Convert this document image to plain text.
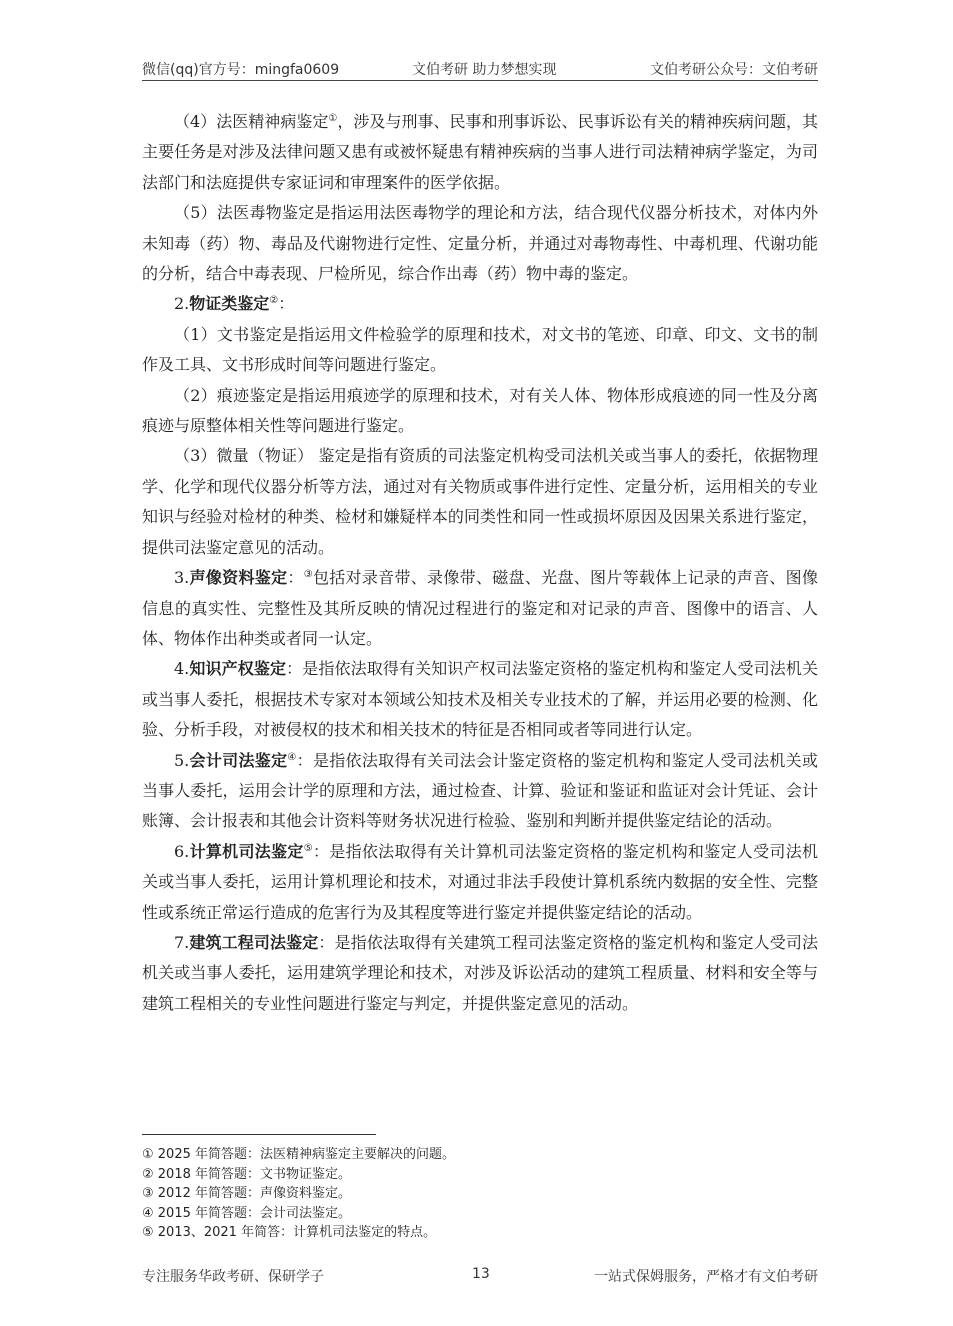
微信(qq)官方号：mingfa0609	文伯考研 助力梦想实现	文伯考研公众号：文伯考研

（4）法医精神病鉴定①，涉及与刑事、民事和刑事诉讼、民事诉讼有关的精神疾病问题，其主要任务是对涉及法律问题又患有或被怀疑患有精神疾病的当事人进行司法精神病学鉴定，为司法部门和法庭提供专家证词和审理案件的医学依据。

（5）法医毒物鉴定是指运用法医毒物学的理论和方法，结合现代仪器分析技术，对体内外未知毒（药）物、毒品及代谢物进行定性、定量分析，并通过对毒物毒性、中毒机理、代谢功能的分析，结合中毒表现、尸检所见，综合作出毒（药）物中毒的鉴定。

2.物证类鉴定②：

（1）文书鉴定是指运用文件检验学的原理和技术，对文书的笔迹、印章、印文、文书的制作及工具、文书形成时间等问题进行鉴定。

（2）痕迹鉴定是指运用痕迹学的原理和技术，对有关人体、物体形成痕迹的同一性及分离痕迹与原整体相关性等问题进行鉴定。

（3）微量（物证） 鉴定是指有资质的司法鉴定机构受司法机关或当事人的委托，依据物理学、化学和现代仪器分析等方法，通过对有关物质或事件进行定性、定量分析，运用相关的专业知识与经验对检材的种类、检材和嫌疑样本的同类性和同一性或损坏原因及因果关系进行鉴定，提供司法鉴定意见的活动。

3.声像资料鉴定：③包括对录音带、录像带、磁盘、光盘、图片等载体上记录的声音、图像信息的真实性、完整性及其所反映的情况过程进行的鉴定和对记录的声音、图像中的语言、人体、物体作出种类或者同一认定。

4.知识产权鉴定：是指依法取得有关知识产权司法鉴定资格的鉴定机构和鉴定人受司法机关或当事人委托，根据技术专家对本领域公知技术及相关专业技术的了解，并运用必要的检测、化验、分析手段，对被侵权的技术和相关技术的特征是否相同或者等同进行认定。

5.会计司法鉴定④：是指依法取得有关司法会计鉴定资格的鉴定机构和鉴定人受司法机关或当事人委托，运用会计学的原理和方法，通过检查、计算、验证和鉴证和监证对会计凭证、会计账簿、会计报表和其他会计资料等财务状况进行检验、鉴别和判断并提供鉴定结论的活动。

6.计算机司法鉴定⑤：是指依法取得有关计算机司法鉴定资格的鉴定机构和鉴定人受司法机关或当事人委托，运用计算机理论和技术，对通过非法手段使计算机系统内数据的安全性、完整性或系统正常运行造成的危害行为及其程度等进行鉴定并提供鉴定结论的活动。

7.建筑工程司法鉴定：是指依法取得有关建筑工程司法鉴定资格的鉴定机构和鉴定人受司法机关或当事人委托，运用建筑学理论和技术，对涉及诉讼活动的建筑工程质量、材料和安全等与建筑工程相关的专业性问题进行鉴定与判定，并提供鉴定意见的活动。

① 2025 年简答题：法医精神病鉴定主要解决的问题。
② 2018 年简答题：文书物证鉴定。
③ 2012 年简答题：声像资料鉴定。
④ 2015 年简答题：会计司法鉴定。
⑤ 2013、2021 年简答：计算机司法鉴定的特点。
专注服务华政考研、保研学子	13	一站式保姆服务，严格才有文伯考研
